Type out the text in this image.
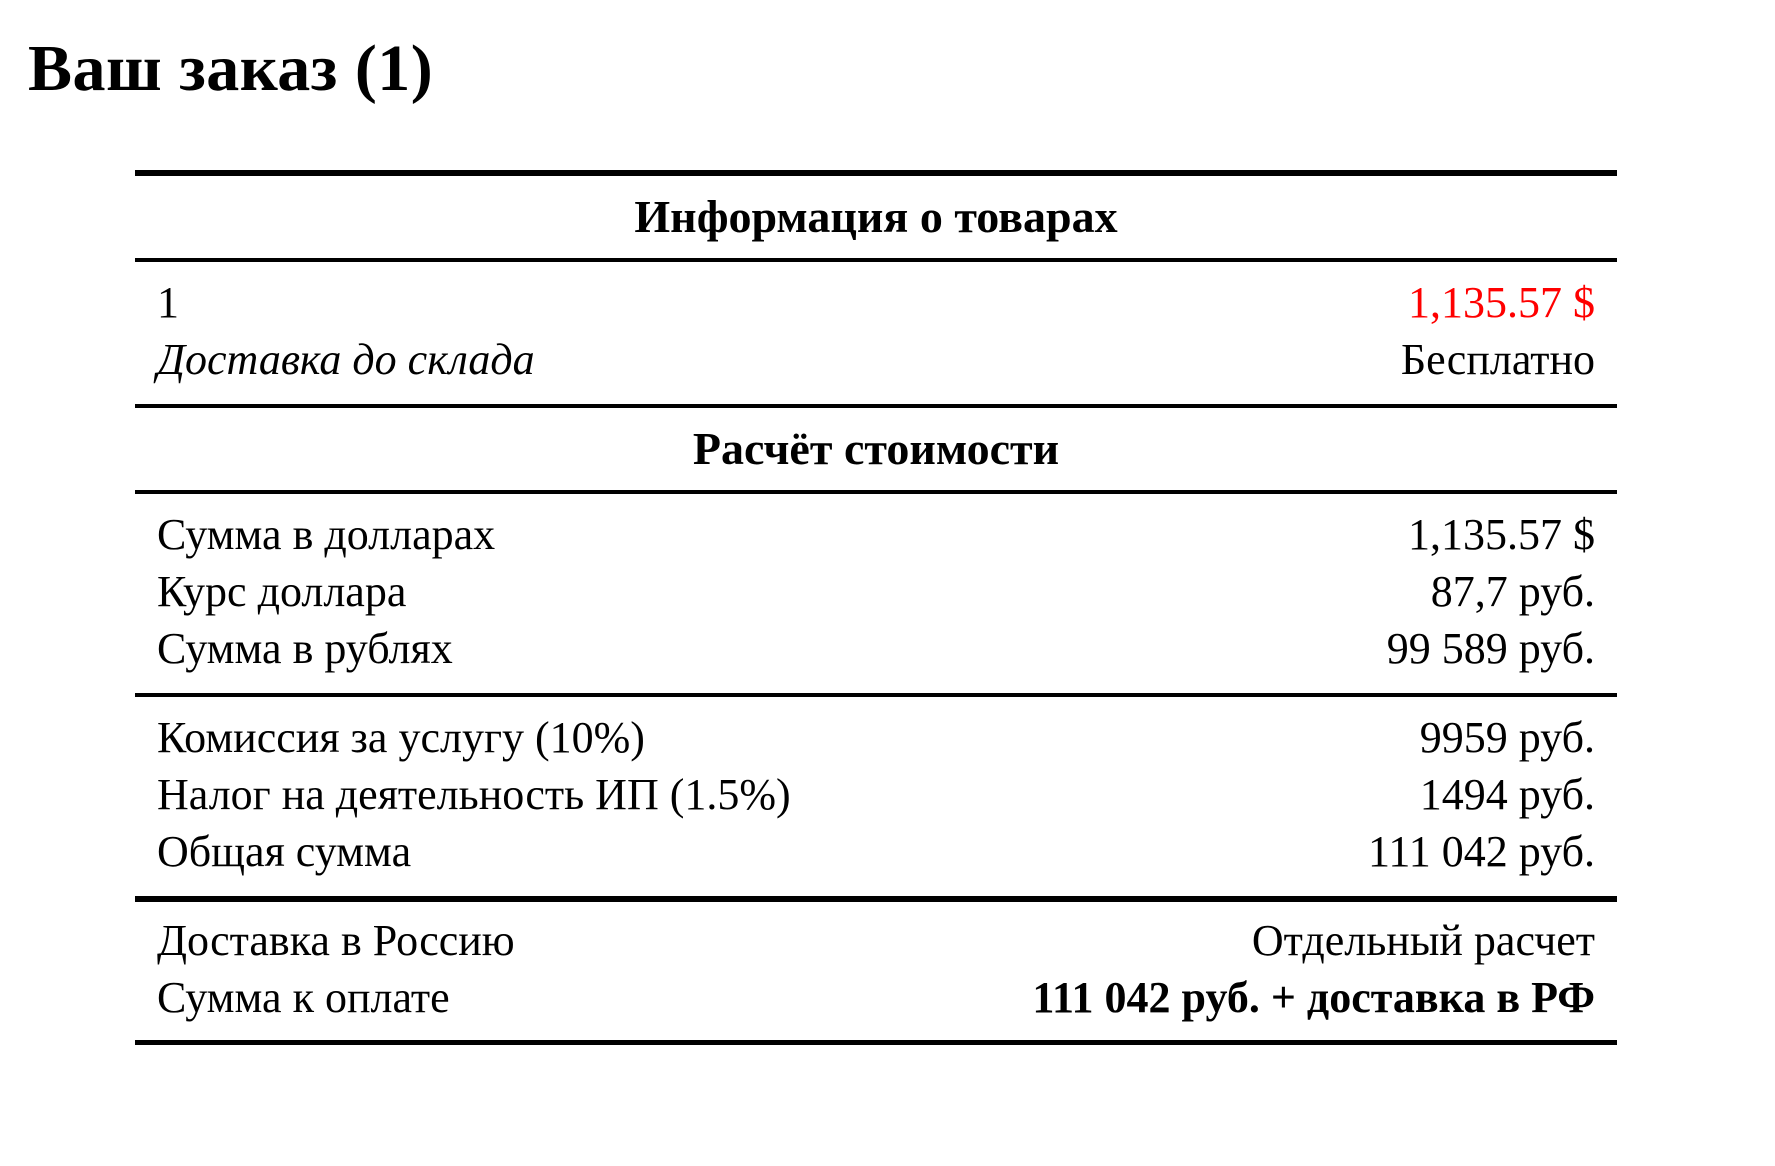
Ваш заказ (1)
Информация о товарах
1	1,135.57 $
Доставка до склада	Бесплатно
Расчёт стоимости
Сумма в долларах	1,135.57 $
Курс доллара	87,7 руб.
Сумма в рублях	99 589 руб.
Комиссия за услугу (10%)	9959 руб.
Налог на деятельность ИП (1.5%)	1494 руб.
Общая сумма	111 042 руб.
Доставка в Россию	Отдельный расчет
Сумма к оплате	111 042 руб. + доставка в РФ
